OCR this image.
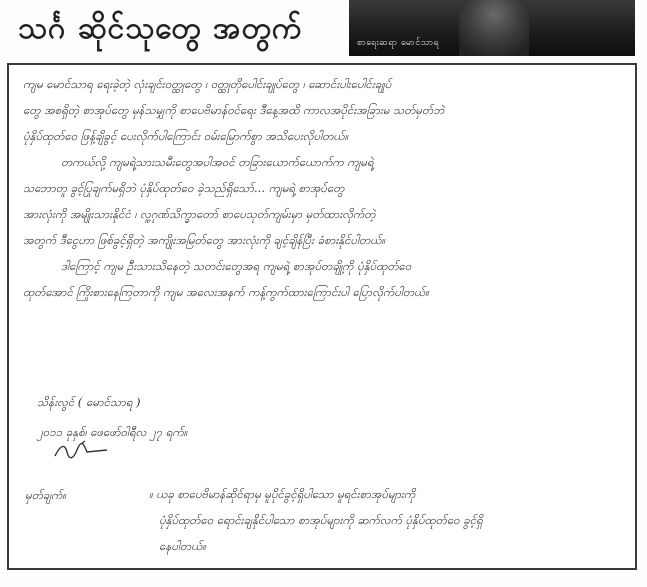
သင်္ဂ ဆိုင်သုတွေ အတွက်	စာရေးဆရာ မောင်သာရ
ကျမ မောင်သာရ ရေးခဲ့တဲ့ လုံးချင်းဝတ္ထုတွေ ၊ ဝတ္ထုတိုပေါင်းချုပ်တွေ ၊ ဆောင်းပါးပေါင်းချုပ်
တွေ အစရှိတဲ့ စာအုပ်တွေ မှန်သမျှကို စာပေဗိမာန်ဝင်ရေး ဒီနေ့အထိ ကာလအပိုင်းအခြားမ သတ်မှတ်ဘဲ
ပုံနှိပ်ထုတ်ဝေ ဖြန့်ချိခွင့် ပေးလိုက်ပါကြောင်း ဝမ်းမြောက်စွာ အသိပေးလိုပါတယ်။
တကယ်လို့ ကျမရဲ့သားသမီးတွေအပါအဝင် တခြားယောက်ယောက်က ကျမရဲ့
သဘောတူ ခွင့်ပြုချက်မရှိဘဲ ပုံနှိပ်ထုတ်ဝေ ခဲ့သည်ရှိသော်... ကျမရဲ့ စာအုပ်တွေ
အားလုံးကို အမျိုးသားနိုင်ငံ ၊ လူ့ဂုဏ်သိက္ခာတော် စာပေသုတ်ကျမ်းမှာ မှတ်ထားလိုက်တဲ့
အတွက် ဒီငွေဟာ ဖြစ်ခွင့်ရှိတဲ့ အကျိုးအမြတ်တွေ အားလုံးကို ချင့်ချိန်ပြီး ခံစားနိုင်ပါတယ်။
ဒါကြောင့် ကျမ ဦးသားသိနေတဲ့ သတင်းတွေအရ ကျမရဲ့ စာအုပ်တချို့ကို ပုံနှိပ်ထုတ်ဝေ
ထုတ်အောင် ကြိုးစားနေကြတာကို ကျမ အလေးအနက် ကန့်ကွက်ထားကြောင်းပါ ပြောလိုက်ပါတယ်။
သိန်းလွင် ( မောင်သာရ )
၂၀၁၁ ခုနှစ်၊ ဖေဖော်ဝါရီလ ၂၇ ရက်။
မှတ်ချက်။	။ ယခု စာပေဗိမာန်ဆိုင်ရာမှ မူပိုင်ခွင့်ရှိပါသော မူရင်းစာအုပ်များကို
ပုံနှိပ်ထုတ်ဝေ ရောင်းချနိုင်ပါသော စာအုပ်များကို ဆက်လက် ပုံနှိပ်ထုတ်ဝေ ခွင့်ရှိ
နေပါတယ်။
